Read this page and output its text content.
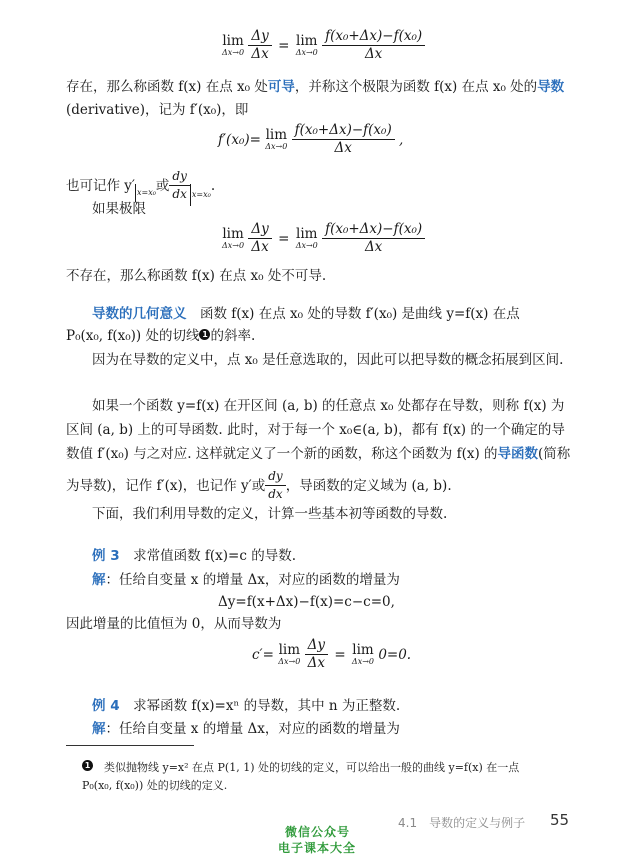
lim
Δx→0
$\frac{\Delta y}{\Delta x} = \lim$
Δx→0
$\frac{\text{f(x₀+Δx)−f(x₀)}}{\Delta x}$
存在，那么称函数 f(x) 在点 x₀ 处可导，并称这个极限为函数 f(x) 在点 x₀ 处的导数
(derivative)，记为 f′(x₀)，即
f′(x₀)= lim
Δx→0
$\frac{\text{f(x₀+Δx)−f(x₀)}}{\Delta x}$ ,
也可记作 y′ x=x₀或 $\frac{dy}{dx} x=x_0$.
如果极限
lim
Δx→0
$\frac{\Delta y}{\Delta x} = \lim$
Δx→0
$\frac{\text{f(x₀+Δx)−f(x₀)}}{\Delta x}$
不存在，那么称函数 f(x) 在点 x₀ 处不可导.
导数的几何意义　函数 f(x) 在点 x₀ 处的导数 f′(x₀) 是曲线 y=f(x) 在点
P₀(x₀, f(x₀)) 处的切线 1 的斜率.
因为在导数的定义中，点 x₀ 是任意选取的，因此可以把导数的概念拓展到区间.
如果一个函数 y=f(x) 在开区间 (a, b) 的任意点 x₀ 处都存在导数，则称 f(x) 为
区间 (a, b) 上的可导函数. 此时，对于每一个 x₀∈(a, b)，都有 f(x) 的一个确定的导
数值 f′(x₀) 与之对应. 这样就定义了一个新的函数，称这个函数为 f(x) 的导函数(简称
为导数)，记作 f′(x)，也记作 y′或 $\frac{dy}{dx}$ ，导函数的定义域为 (a, b).
下面，我们利用导数的定义，计算一些基本初等函数的导数.
例 3　求常值函数 f(x)=c 的导数.
解：任给自变量 x 的增量 Δx，对应的函数的增量为
Δy=f(x+Δx)−f(x)=c−c=0,
因此增量的比值恒为 0，从而导数为
c′= lim
Δx→0
$\frac{\Delta y}{\Delta x} = \lim$
Δx→0 0=0.
例 4　求幂函数 f(x)=xⁿ 的导数，其中 n 为正整数.
解：任给自变量 x 的增量 Δx，对应的函数的增量为
1　类似抛物线 y=x² 在点 P(1, 1) 处的切线的定义，可以给出一般的曲线 y=f(x) 在一点
P₀(x₀, f(x₀)) 处的切线的定义.
4.1　导数的定义与例子 55
微信公众号
电子课本大全
